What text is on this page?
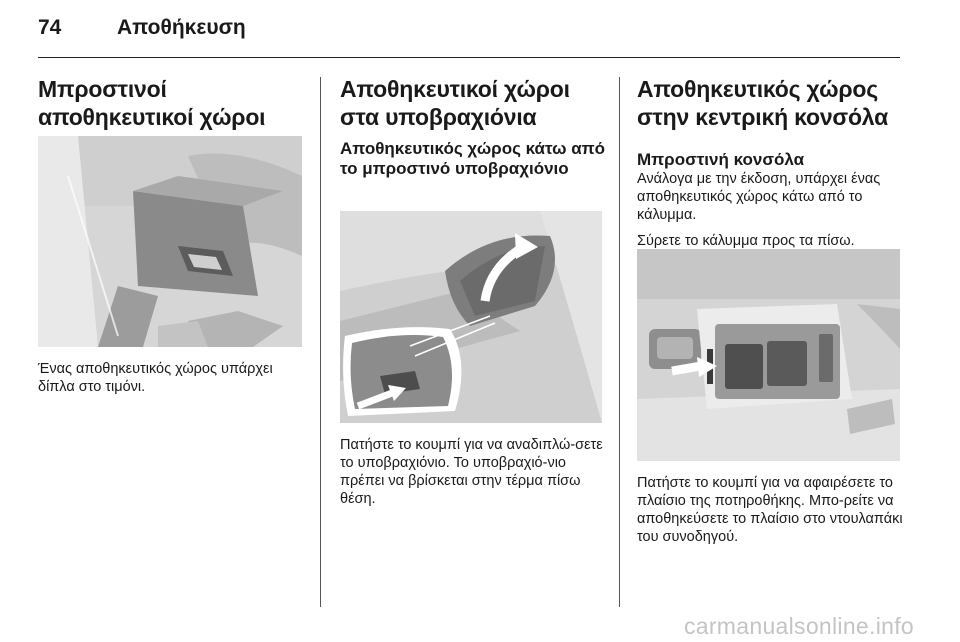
74	Αποθήκευση
Μπροστινοί αποθηκευτικοί χώροι

Ένας αποθηκευτικός χώρος υπάρχει δίπλα στο τιμόνι.

Αποθηκευτικοί χώροι στα υποβραχιόνια
Αποθηκευτικός χώρος κάτω από το μπροστινό υποβραχιόνιο

Πατήστε το κουμπί για να αναδιπλώ-σετε το υποβραχιόνιο. Το υποβραχιό-νιο πρέπει να βρίσκεται στην τέρμα πίσω θέση.

Αποθηκευτικός χώρος στην κεντρική κονσόλα
Μπροστινή κονσόλα

Ανάλογα με την έκδοση, υπάρχει ένας αποθηκευτικός χώρος κάτω από το κάλυμμα.

Σύρετε το κάλυμμα προς τα πίσω.

Πατήστε το κουμπί για να αφαιρέσετε το πλαίσιο της ποτηροθήκης. Μπο-ρείτε να αποθηκεύσετε το πλαίσιο στο ντουλαπάκι του συνοδηγού.

carmanualsonline.info
